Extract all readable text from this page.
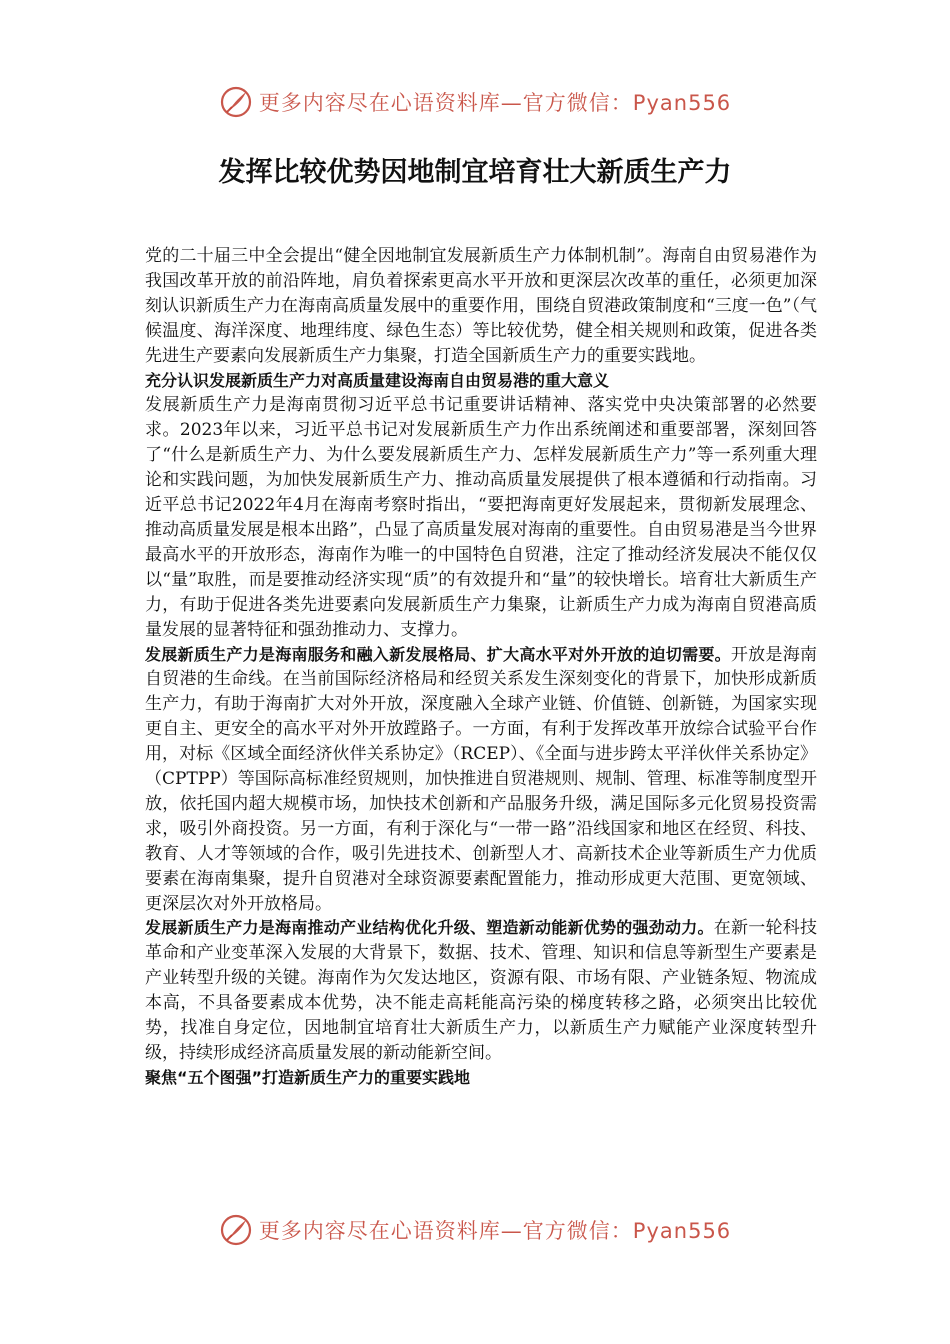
更多内容尽在心语资料库—官方微信：Pyan556
发挥比较优势因地制宜培育壮大新质生产力

党的二十届三中全会提出“健全因地制宜发展新质生产力体制机制”。海南自由贸易港作为我国改革开放的前沿阵地，肩负着探索更高水平开放和更深层次改革的重任，必须更加深刻认识新质生产力在海南高质量发展中的重要作用，围绕自贸港政策制度和“三度一色”（气候温度、海洋深度、地理纬度、绿色生态）等比较优势，健全相关规则和政策，促进各类先进生产要素向发展新质生产力集聚，打造全国新质生产力的重要实践地。

充分认识发展新质生产力对高质量建设海南自由贸易港的重大意义

发展新质生产力是海南贯彻习近平总书记重要讲话精神、落实党中央决策部署的必然要求。2023年以来，习近平总书记对发展新质生产力作出系统阐述和重要部署，深刻回答了“什么是新质生产力、为什么要发展新质生产力、怎样发展新质生产力”等一系列重大理论和实践问题，为加快发展新质生产力、推动高质量发展提供了根本遵循和行动指南。习近平总书记2022年4月在海南考察时指出，“要把海南更好发展起来，贯彻新发展理念、推动高质量发展是根本出路”，凸显了高质量发展对海南的重要性。自由贸易港是当今世界最高水平的开放形态，海南作为唯一的中国特色自贸港，注定了推动经济发展决不能仅仅以“量”取胜，而是要推动经济实现“质”的有效提升和“量”的较快增长。培育壮大新质生产力，有助于促进各类先进要素向发展新质生产力集聚，让新质生产力成为海南自贸港高质量发展的显著特征和强劲推动力、支撑力。

发展新质生产力是海南服务和融入新发展格局、扩大高水平对外开放的迫切需要。开放是海南自贸港的生命线。在当前国际经济格局和经贸关系发生深刻变化的背景下，加快形成新质生产力，有助于海南扩大对外开放，深度融入全球产业链、价值链、创新链，为国家实现更自主、更安全的高水平对外开放蹚路子。一方面，有利于发挥改革开放综合试验平台作用，对标《区域全面经济伙伴关系协定》（RCEP）、《全面与进步跨太平洋伙伴关系协定》（CPTPP）等国际高标准经贸规则，加快推进自贸港规则、规制、管理、标准等制度型开放，依托国内超大规模市场，加快技术创新和产品服务升级，满足国际多元化贸易投资需求，吸引外商投资。另一方面，有利于深化与“一带一路”沿线国家和地区在经贸、科技、教育、人才等领域的合作，吸引先进技术、创新型人才、高新技术企业等新质生产力优质要素在海南集聚，提升自贸港对全球资源要素配置能力，推动形成更大范围、更宽领域、更深层次对外开放格局。

发展新质生产力是海南推动产业结构优化升级、塑造新动能新优势的强劲动力。在新一轮科技革命和产业变革深入发展的大背景下，数据、技术、管理、知识和信息等新型生产要素是产业转型升级的关键。海南作为欠发达地区，资源有限、市场有限、产业链条短、物流成本高，不具备要素成本优势，决不能走高耗能高污染的梯度转移之路，必须突出比较优势，找准自身定位，因地制宜培育壮大新质生产力，以新质生产力赋能产业深度转型升级，持续形成经济高质量发展的新动能新空间。

聚焦“五个图强”打造新质生产力的重要实践地

更多内容尽在心语资料库—官方微信：Pyan556
